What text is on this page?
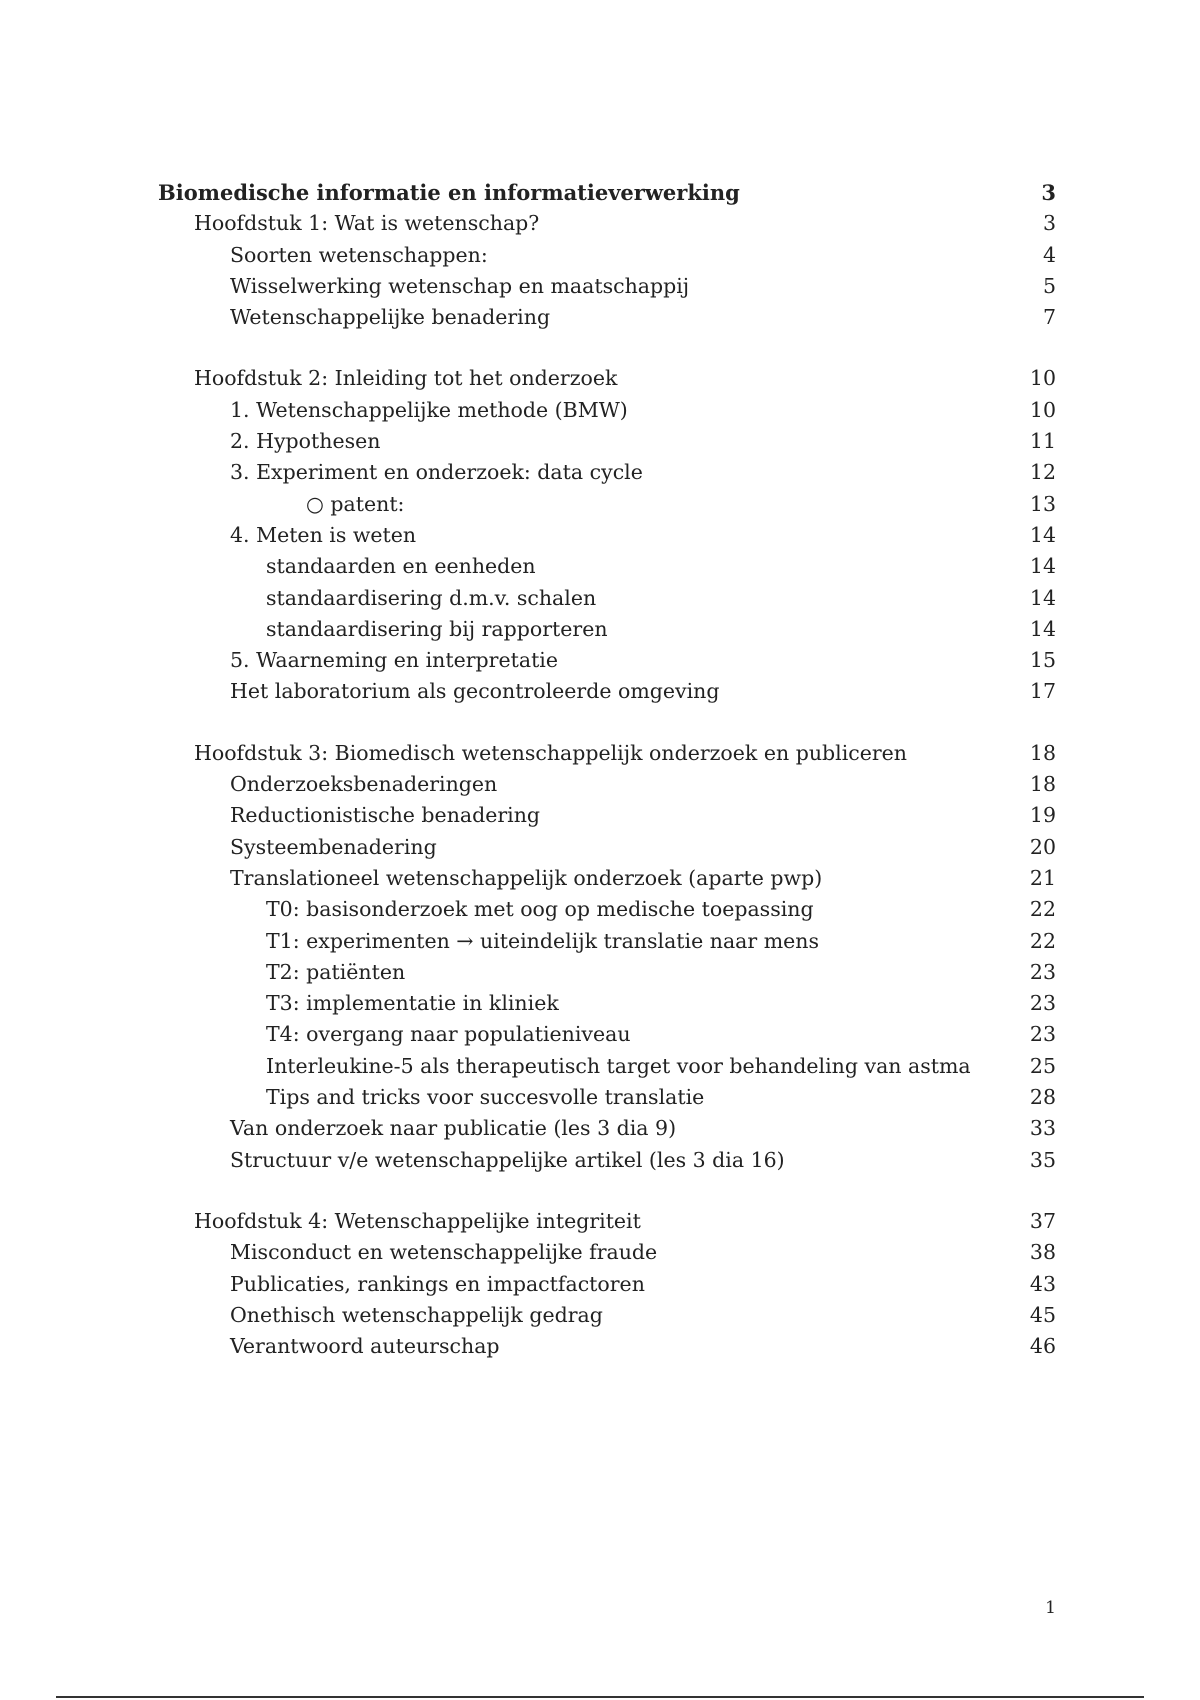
Biomedische informatie en informatieverwerking	3
Hoofdstuk 1: Wat is wetenschap?	3
Soorten wetenschappen:	4
Wisselwerking wetenschap en maatschappij	5
Wetenschappelijke benadering	7
Hoofdstuk 2: Inleiding tot het onderzoek	10
1. Wetenschappelijke methode (BMW)	10
2. Hypothesen	11
3. Experiment en onderzoek: data cycle	12
○ patent:	13
4. Meten is weten	14
standaarden en eenheden	14
standaardisering d.m.v. schalen	14
standaardisering bij rapporteren	14
5. Waarneming en interpretatie	15
Het laboratorium als gecontroleerde omgeving	17
Hoofdstuk 3: Biomedisch wetenschappelijk onderzoek en publiceren	18
Onderzoeksbenaderingen	18
Reductionistische benadering	19
Systeembenadering	20
Translationeel wetenschappelijk onderzoek (aparte pwp)	21
T0: basisonderzoek met oog op medische toepassing	22
T1: experimenten → uiteindelijk translatie naar mens	22
T2: patiënten	23
T3: implementatie in kliniek	23
T4: overgang naar populatieniveau	23
Interleukine-5 als therapeutisch target voor behandeling van astma	25
Tips and tricks voor succesvolle translatie	28
Van onderzoek naar publicatie (les 3 dia 9)	33
Structuur v/e wetenschappelijke artikel (les 3 dia 16)	35
Hoofdstuk 4: Wetenschappelijke integriteit	37
Misconduct en wetenschappelijke fraude	38
Publicaties, rankings en impactfactoren	43
Onethisch wetenschappelijk gedrag	45
Verantwoord auteurschap	46
1
